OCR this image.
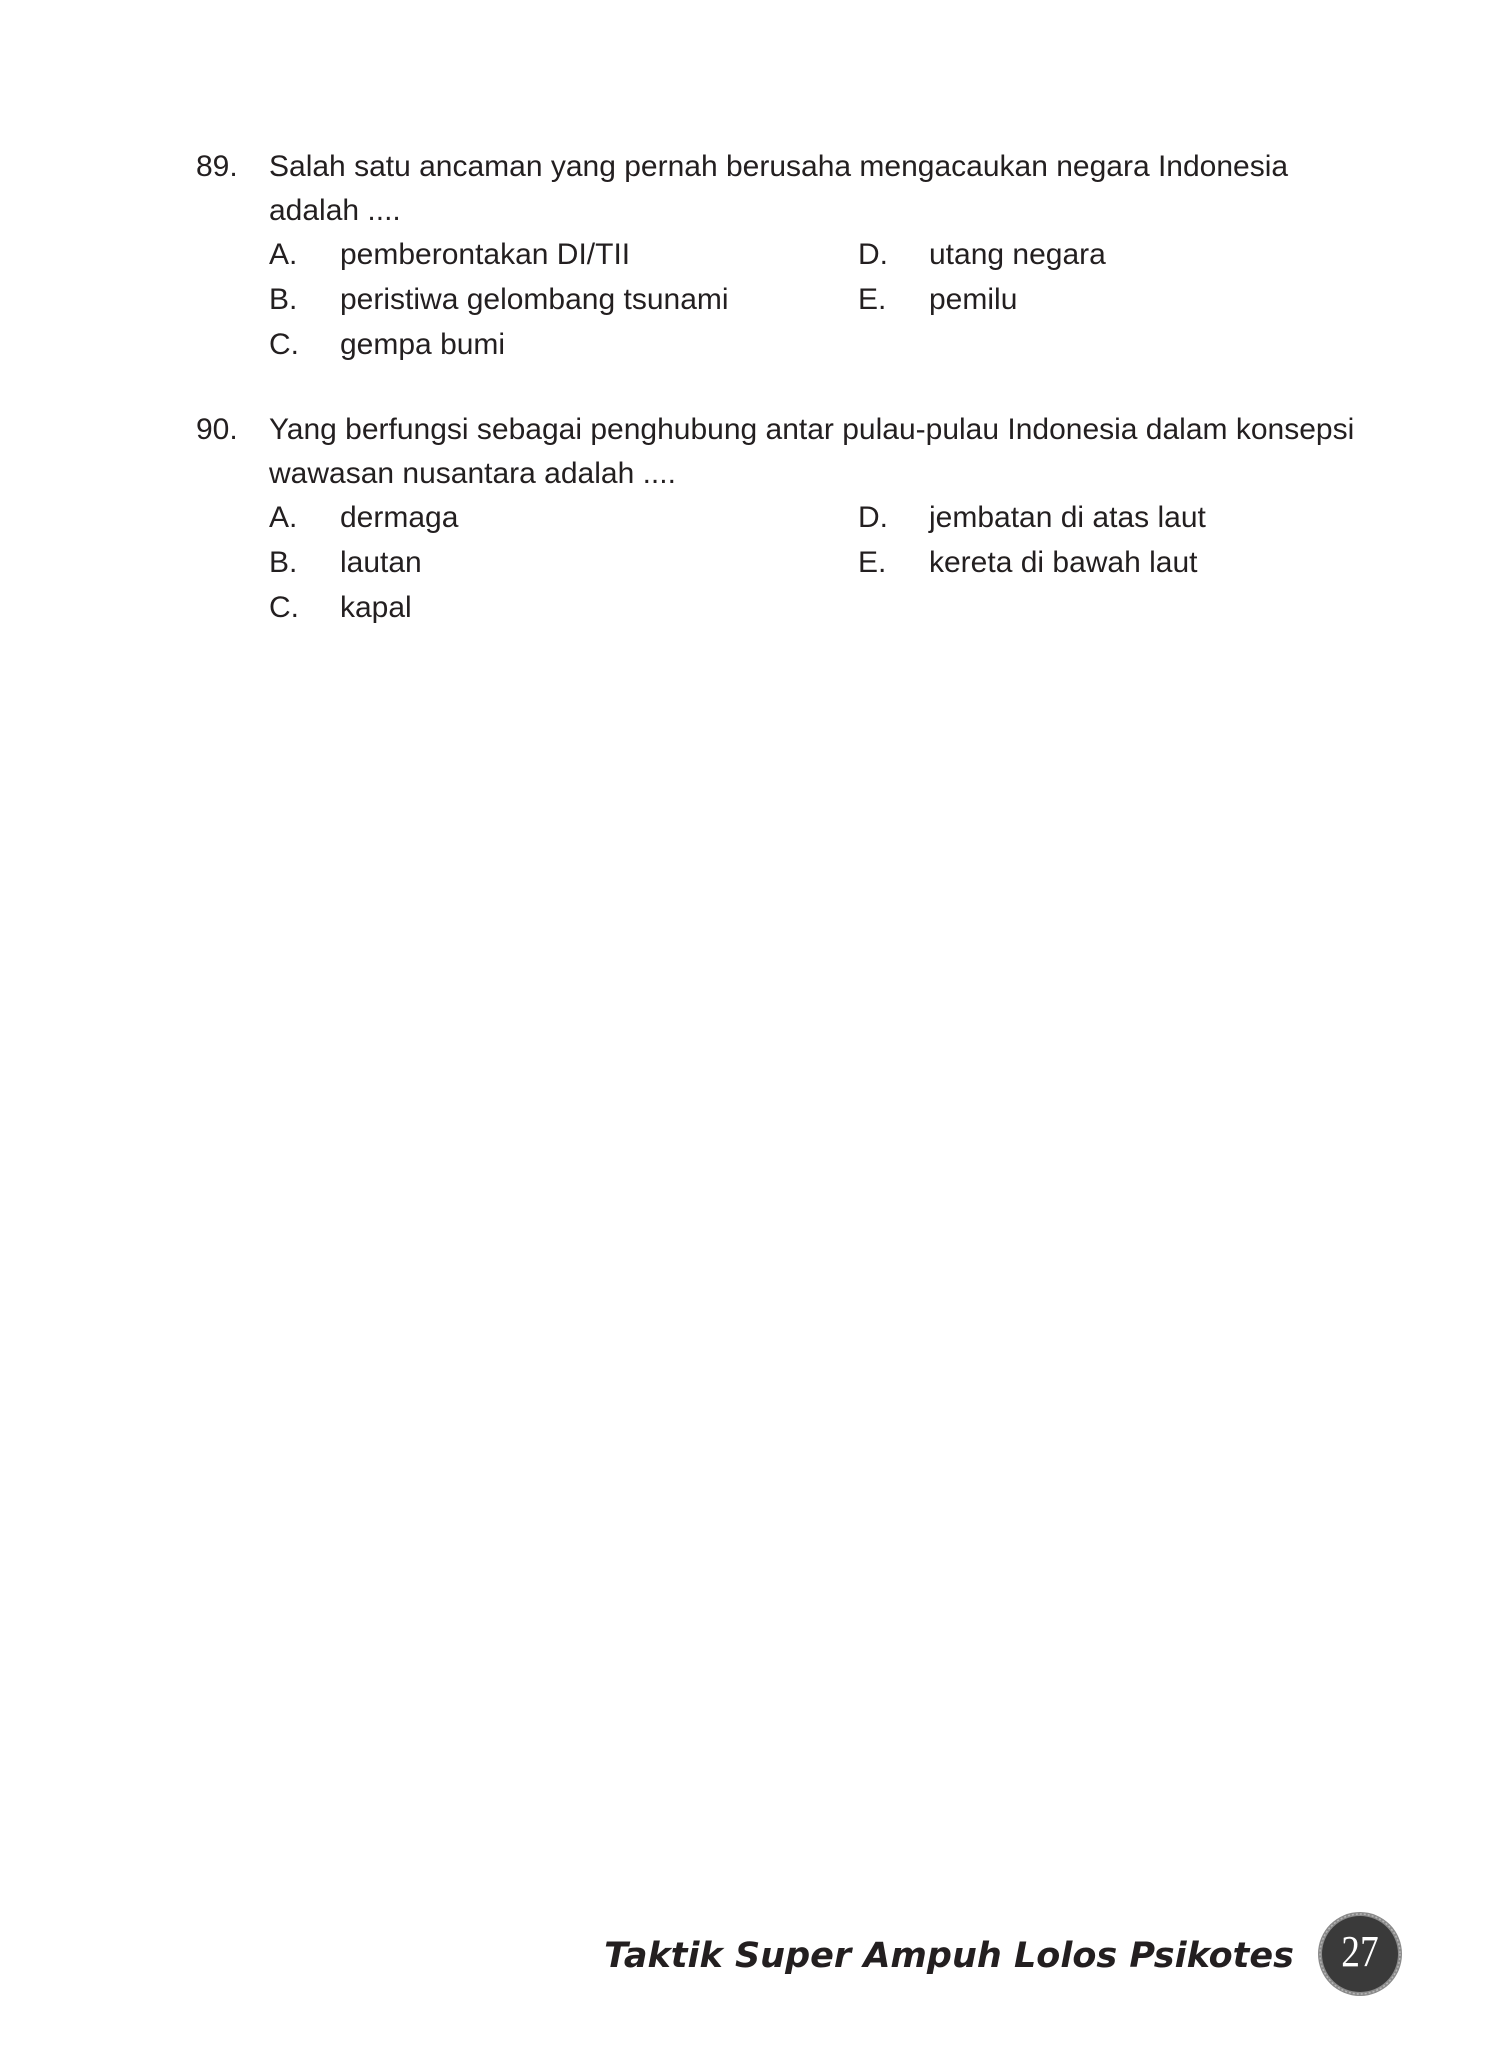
89. Salah satu ancaman yang pernah berusaha mengacaukan negara Indonesia adalah ....
A. pemberontakan DI/TII
B. peristiwa gelombang tsunami
C. gempa bumi
D. utang negara
E. pemilu
90. Yang berfungsi sebagai penghubung antar pulau-pulau Indonesia dalam konsepsi wawasan nusantara adalah ....
A. dermaga
B. lautan
C. kapal
D. jembatan di atas laut
E. kereta di bawah laut
Taktik Super Ampuh Lolos Psikotes	27
